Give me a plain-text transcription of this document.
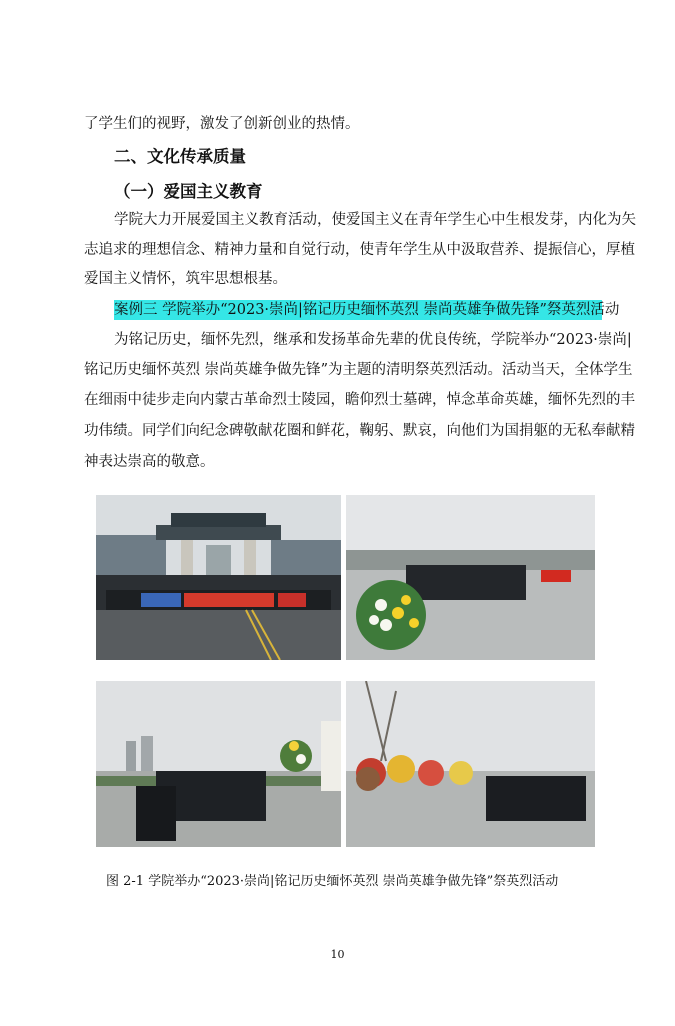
了学生们的视野，激发了创新创业的热情。
二、文化传承质量
（一）爱国主义教育
学院大力开展爱国主义教育活动，使爱国主义在青年学生心中生根发芽，内化为矢
志追求的理想信念、精神力量和自觉行动，使青年学生从中汲取营养、提振信心，厚植
爱国主义情怀，筑牢思想根基。
案例三 学院举办“2023·崇尚|铭记历史缅怀英烈 崇尚英雄争做先锋”祭英烈活动
为铭记历史，缅怀先烈，继承和发扬革命先辈的优良传统，学院举办“2023·崇尚|
铭记历史缅怀英烈 崇尚英雄争做先锋”为主题的清明祭英烈活动。活动当天，全体学生
在细雨中徒步走向内蒙古革命烈士陵园，瞻仰烈士墓碑，悼念革命英雄，缅怀先烈的丰
功伟绩。同学们向纪念碑敬献花圈和鲜花，鞠躬、默哀，向他们为国捐躯的无私奉献精
神表达崇高的敬意。
图 2-1 学院举办“2023·崇尚|铭记历史缅怀英烈 崇尚英雄争做先锋”祭英烈活动
10
